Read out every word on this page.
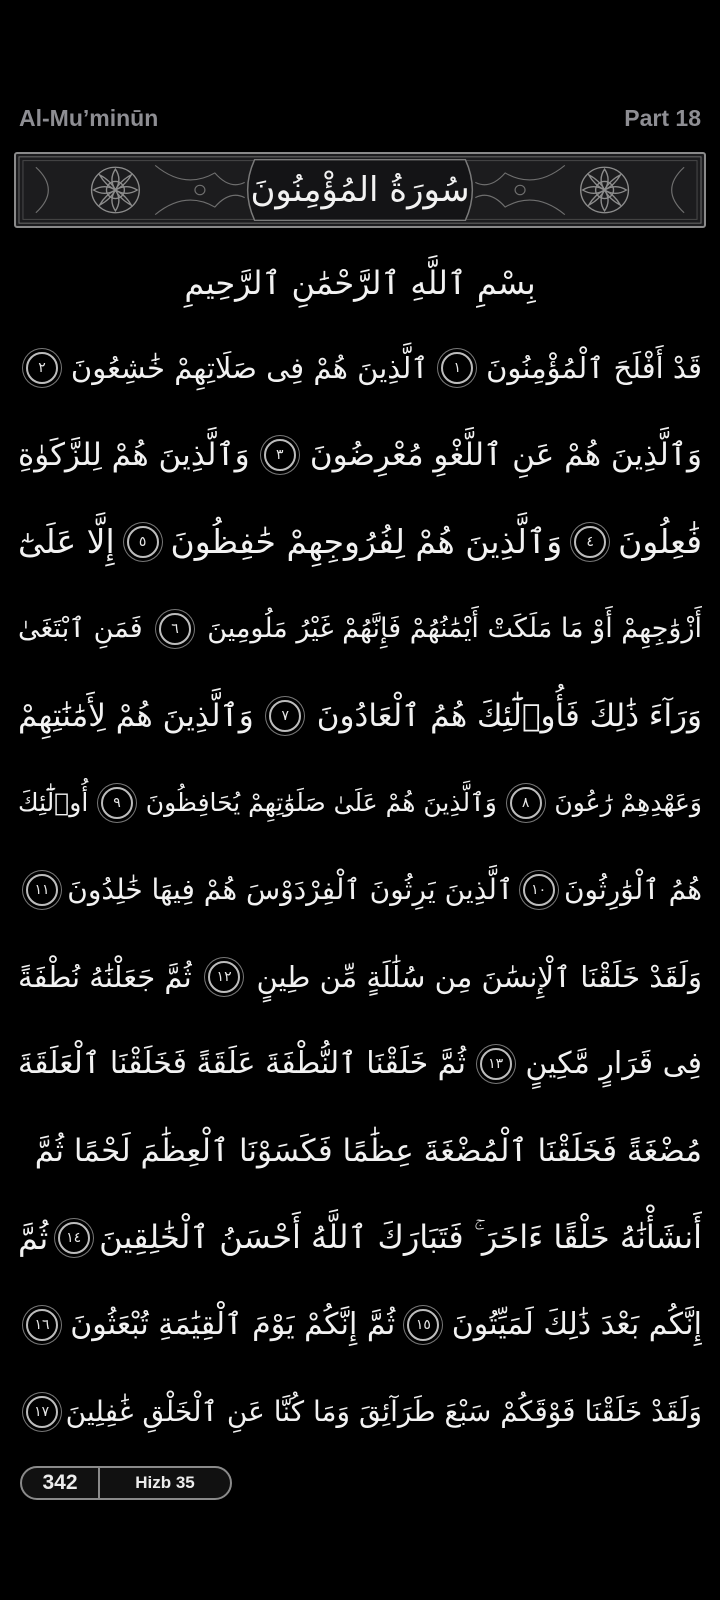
Al-Mu’minūn	Part 18
سُورَةُ المُؤْمِنُونَ
بِسْمِ ٱللَّهِ ٱلرَّحْمَٰنِ ٱلرَّحِيمِ
قَدْ أَفْلَحَ ٱلْمُؤْمِنُونَ
١
ٱلَّذِينَ هُمْ فِى صَلَاتِهِمْ خَٰشِعُونَ
٢
وَٱلَّذِينَ هُمْ عَنِ ٱللَّغْوِ مُعْرِضُونَ
٣
وَٱلَّذِينَ هُمْ لِلزَّكَوٰةِ
فَٰعِلُونَ
٤
وَٱلَّذِينَ هُمْ لِفُرُوجِهِمْ حَٰفِظُونَ
٥
إِلَّا عَلَىٰٓ
أَزْوَٰجِهِمْ أَوْ مَا مَلَكَتْ أَيْمَٰنُهُمْ فَإِنَّهُمْ غَيْرُ مَلُومِينَ
٦
فَمَنِ ٱبْتَغَىٰ
وَرَآءَ ذَٰلِكَ فَأُو۟لَٰٓئِكَ هُمُ ٱلْعَادُونَ
٧
وَٱلَّذِينَ هُمْ لِأَمَٰنَٰتِهِمْ
وَعَهْدِهِمْ رَٰعُونَ
٨
وَٱلَّذِينَ هُمْ عَلَىٰ صَلَوَٰتِهِمْ يُحَافِظُونَ
٩
أُو۟لَٰٓئِكَ
هُمُ ٱلْوَٰرِثُونَ
١٠
ٱلَّذِينَ يَرِثُونَ ٱلْفِرْدَوْسَ هُمْ فِيهَا خَٰلِدُونَ
١١
وَلَقَدْ خَلَقْنَا ٱلْإِنسَٰنَ مِن سُلَٰلَةٍ مِّن طِينٍ
١٢
ثُمَّ جَعَلْنَٰهُ نُطْفَةً
فِى قَرَارٍ مَّكِينٍ
١٣
ثُمَّ خَلَقْنَا ٱلنُّطْفَةَ عَلَقَةً فَخَلَقْنَا ٱلْعَلَقَةَ
مُضْغَةً فَخَلَقْنَا ٱلْمُضْغَةَ عِظَٰمًا فَكَسَوْنَا ٱلْعِظَٰمَ لَحْمًا ثُمَّ
أَنشَأْنَٰهُ خَلْقًا ءَاخَرَ ۚ فَتَبَارَكَ ٱللَّهُ أَحْسَنُ ٱلْخَٰلِقِينَ
١٤
ثُمَّ
إِنَّكُم بَعْدَ ذَٰلِكَ لَمَيِّتُونَ
١٥
ثُمَّ إِنَّكُمْ يَوْمَ ٱلْقِيَٰمَةِ تُبْعَثُونَ
١٦
وَلَقَدْ خَلَقْنَا فَوْقَكُمْ سَبْعَ طَرَآئِقَ وَمَا كُنَّا عَنِ ٱلْخَلْقِ غَٰفِلِينَ
١٧
342	Hizb 35
